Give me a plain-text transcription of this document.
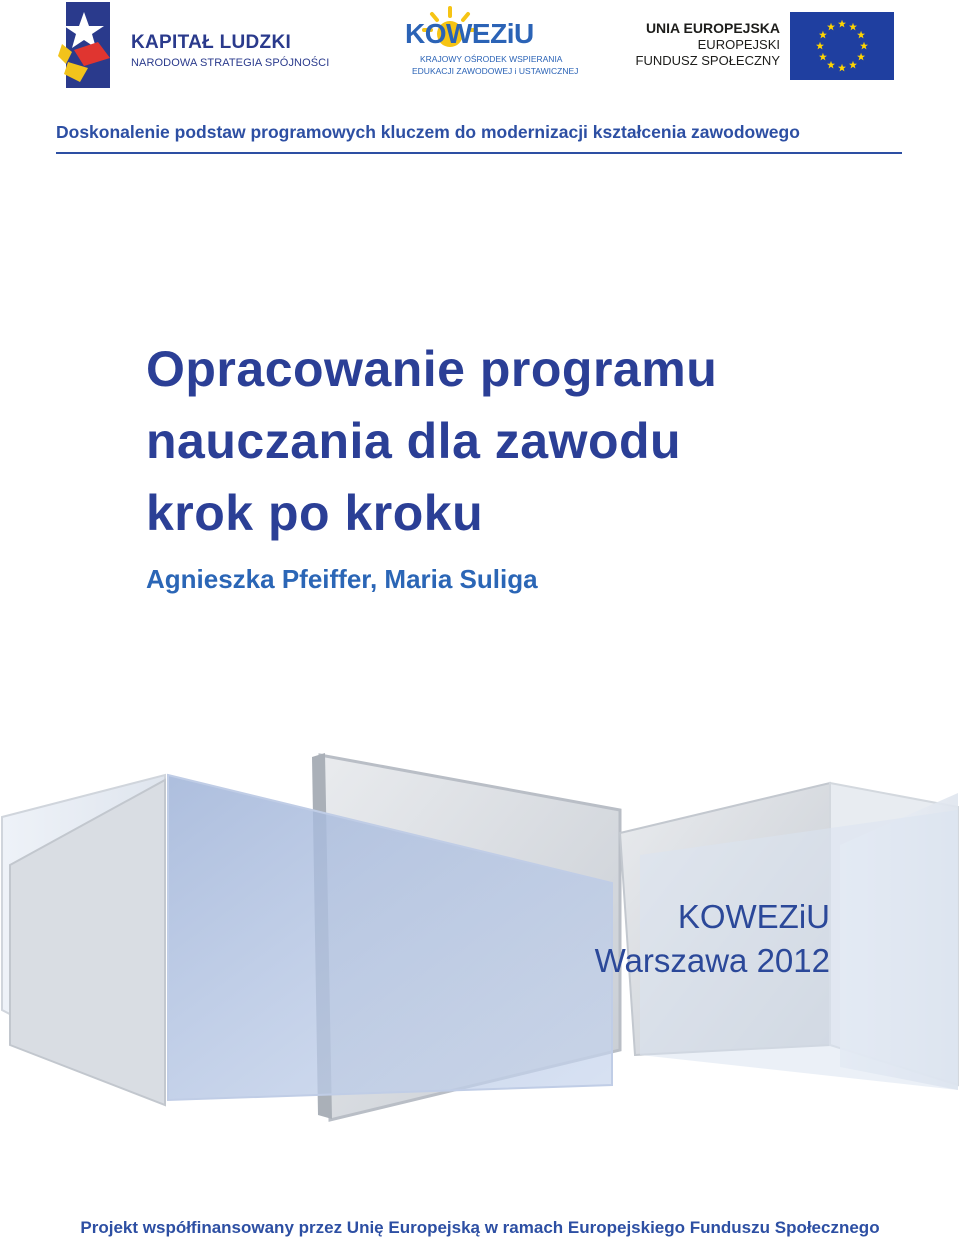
KAPITAŁ LUDZKI
NARODOWA STRATEGIA SPÓJNOŚCI
KOWEZiU
KRAJOWY OŚRODEK WSPIERANIA
EDUKACJI ZAWODOWEJ i USTAWICZNEJ
UNIA EUROPEJSKA
EUROPEJSKI
FUNDUSZ SPOŁECZNY
Doskonalenie podstaw programowych kluczem do modernizacji kształcenia zawodowego
Opracowanie programu
nauczania dla zawodu
krok po kroku
Agnieszka Pfeiffer, Maria Suliga
KOWEZiU
Warszawa 2012
Projekt współfinansowany przez Unię Europejską w ramach Europejskiego Funduszu Społecznego
